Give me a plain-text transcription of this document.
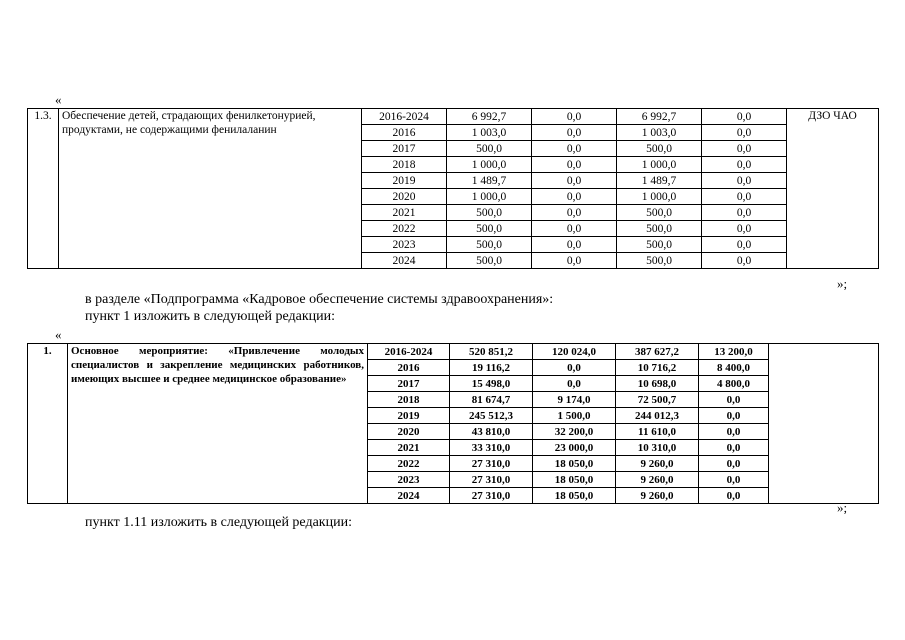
«
1.3.	Обеспечение детей, страдающих фенилкетонурией, продуктами, не содержащими фенилаланин	2016-2024	6 992,7	0,0	6 992,7	0,0	ДЗО ЧАО
		2016	1 003,0	0,0	1 003,0	0,0	
		2017	500,0	0,0	500,0	0,0	
		2018	1 000,0	0,0	1 000,0	0,0	
		2019	1 489,7	0,0	1 489,7	0,0	
		2020	1 000,0	0,0	1 000,0	0,0	
		2021	500,0	0,0	500,0	0,0	
		2022	500,0	0,0	500,0	0,0	
		2023	500,0	0,0	500,0	0,0	
		2024	500,0	0,0	500,0	0,0	
»;
в разделе «Подпрограмма «Кадровое обеспечение системы здравоохранения»:
пункт 1 изложить в следующей редакции:
«
1.	Основное мероприятие: «Привлечение молодых специалистов и закрепление медицинских работников, имеющих высшее и среднее медицинское образование»	2016-2024	520 851,2	120 024,0	387 627,2	13 200,0	
		2016	19 116,2	0,0	10 716,2	8 400,0	
		2017	15 498,0	0,0	10 698,0	4 800,0	
		2018	81 674,7	9 174,0	72 500,7	0,0	
		2019	245 512,3	1 500,0	244 012,3	0,0	
		2020	43 810,0	32 200,0	11 610,0	0,0	
		2021	33 310,0	23 000,0	10 310,0	0,0	
		2022	27 310,0	18 050,0	9 260,0	0,0	
		2023	27 310,0	18 050,0	9 260,0	0,0	
		2024	27 310,0	18 050,0	9 260,0	0,0	
»;
пункт 1.11 изложить в следующей редакции:
